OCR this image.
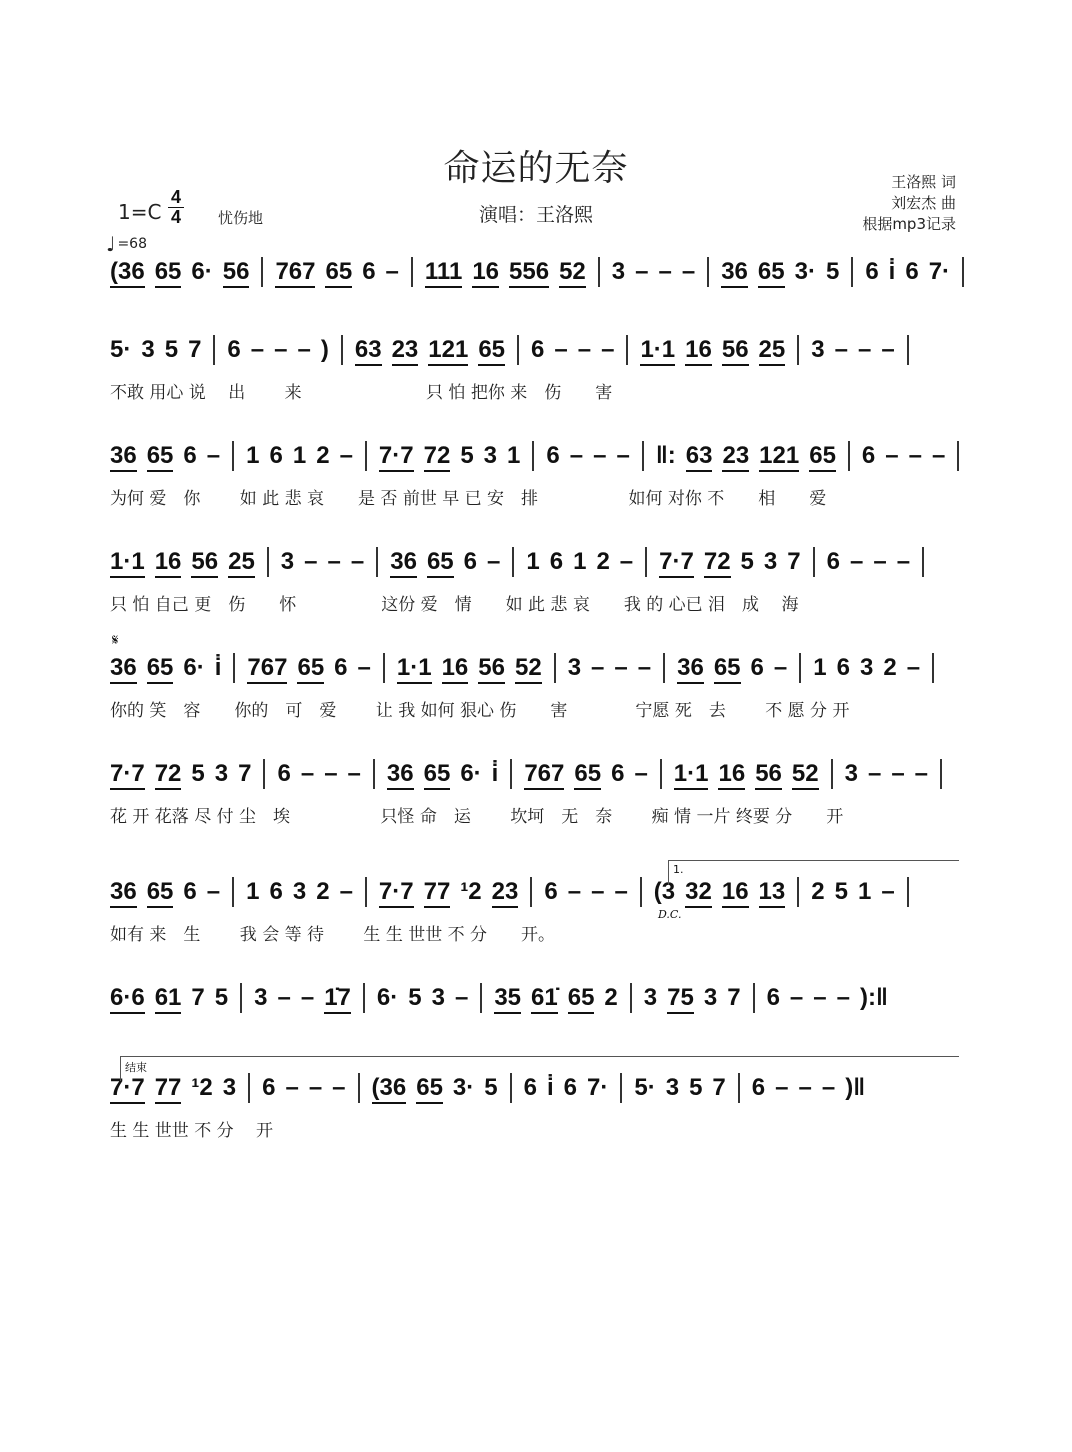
命运的无奈
演唱：王洛熙
王洛熙 词
刘宏杰 曲
根据mp3记录
1=C
4
4	忧伤地
♩ =68
(36 65 6· 56 767 65 6 – 111 16 556 52 3 – – – 36 65 3· 5 6 i̇ 6 7·
5· 3 5 7 6 – – – ) 63 23 121 65 6 – – – 1·1 16 56 25 3 – – –
不敢 用心 说　 出　　 来　　　　　　　 只 怕 把你 来　伤　　害
36 65 6 – 1 6 1 2 – 7·7 72 5 3 1 6 – – – ‖: 63 23 121 65 6 – – –
为何 爱　你　　 如 此 悲 哀　　是 否 前世 早 已 安　排　　　　　 如何 对你 不　　相　　爱
1·1 16 56 25 3 – – – 36 65 6 – 1 6 1 2 – 7·7 72 5 3 7 6 – – –
只 怕 自己 更　伤　　怀　　　　　这份 爱　情　　如 此 悲 哀　　我 的 心已 泪　成　 海
36 65 6· i̇ 767 65 6 – 1·1 16 56 52 3 – – – 36 65 6 – 1 6 3 2 –
𝄋
你的 笑　容　　你的　可　爱　　 让 我 如何 狠心 伤　　害　　　　宁愿 死　去　　 不 愿 分 开
7·7 72 5 3 7 6 – – – 36 65 6· i̇ 767 65 6 – 1·1 16 56 52 3 – – –
花 开 花落 尽 付 尘　埃　　　　　 只怪 命　运　　 坎坷　无　奈　　 痴 情 一片 终要 分　　开
36 65 6 – 1 6 3 2 – 7·7 77 ¹2 23 6 – – – (3 32 16 13 2 5 1 –
1.
D.C.
如有 来　生　　 我 会 等 待　　 生 生 世世 不 分　　开。
6·6 61 7 5 3 – – 1̇7 6· 5 3 – 35 61̇ 65 2 3 75 3 7 6 – – – ):‖
7·7 77 ¹2 3 6 – – – (36 65 3· 5 6 i̇ 6 7· 5· 3 5 7 6 – – – )‖
结束
生 生 世世 不 分　 开
